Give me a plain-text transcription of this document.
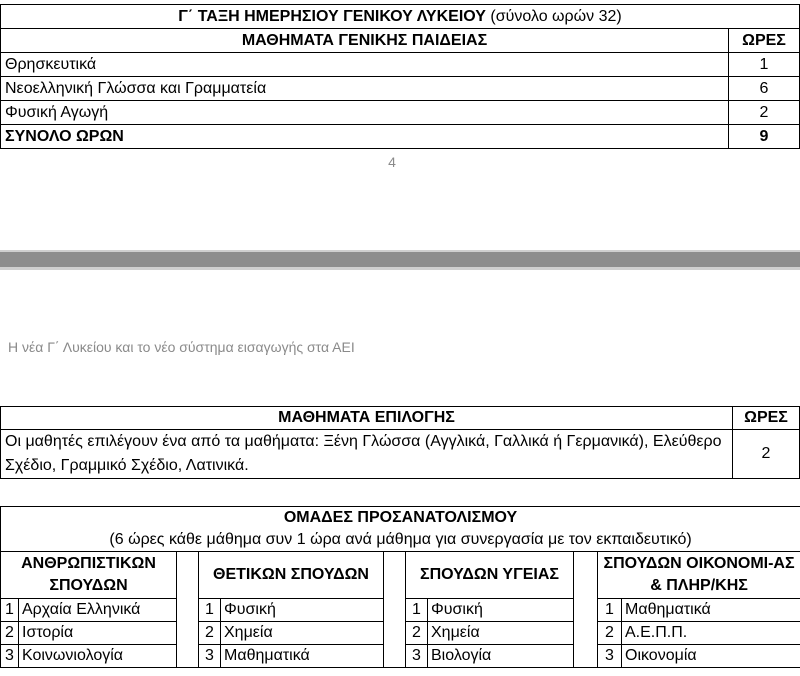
Γ΄ ΤΑΞΗ ΗΜΕΡΗΣΙΟΥ ΓΕΝΙΚΟΥ ΛΥΚΕΙΟΥ (σύνολο ωρών 32)	
ΜΑΘΗΜΑΤΑ ΓΕΝΙΚΗΣ ΠΑΙΔΕΙΑΣ	ΩΡΕΣ
Θρησκευτικά	1
Νεοελληνική Γλώσσα και Γραμματεία	6
Φυσική Αγωγή	2
ΣΥΝΟΛΟ ΩΡΩΝ	9
4
Η νέα Γ΄ Λυκείου και το νέο σύστημα εισαγωγής στα ΑΕΙ
ΜΑΘΗΜΑΤΑ ΕΠΙΛΟΓΗΣ	ΩΡΕΣ
Οι μαθητές επιλέγουν ένα από τα μαθήματα: Ξένη Γλώσσα (Αγγλικά, Γαλλικά ή Γερμανικά), Ελεύθερο Σχέδιο, Γραμμικό Σχέδιο, Λατινικά.	2
ΟΜΑΔΕΣ ΠΡΟΣΑΝΑΤΟΛΙΣΜΟΥ
(6 ώρες κάθε μάθημα συν 1 ώρα ανά μάθημα για συνεργασία με τον εκπαιδευτικό)										

ΑΝΘΡΩΠΙΣΤΙΚΩΝ ΣΠΟΥΔΩΝ			ΘΕΤΙΚΩΝ ΣΠΟΥΔΩΝ			ΣΠΟΥΔΩΝ ΥΓΕΙΑΣ			ΣΠΟΥΔΩΝ ΟΙΚΟΝΟΜΙ-ΑΣ & ΠΛΗΡ/ΚΗΣ	
1	Αρχαία Ελληνικά		1	Φυσική		1	Φυσική		1	Μαθηματικά
2	Ιστορία		2	Χημεία		2	Χημεία		2	Α.Ε.Π.Π.
3	Κοινωνιολογία		3	Μαθηματικά		3	Βιολογία		3	Οικονομία
